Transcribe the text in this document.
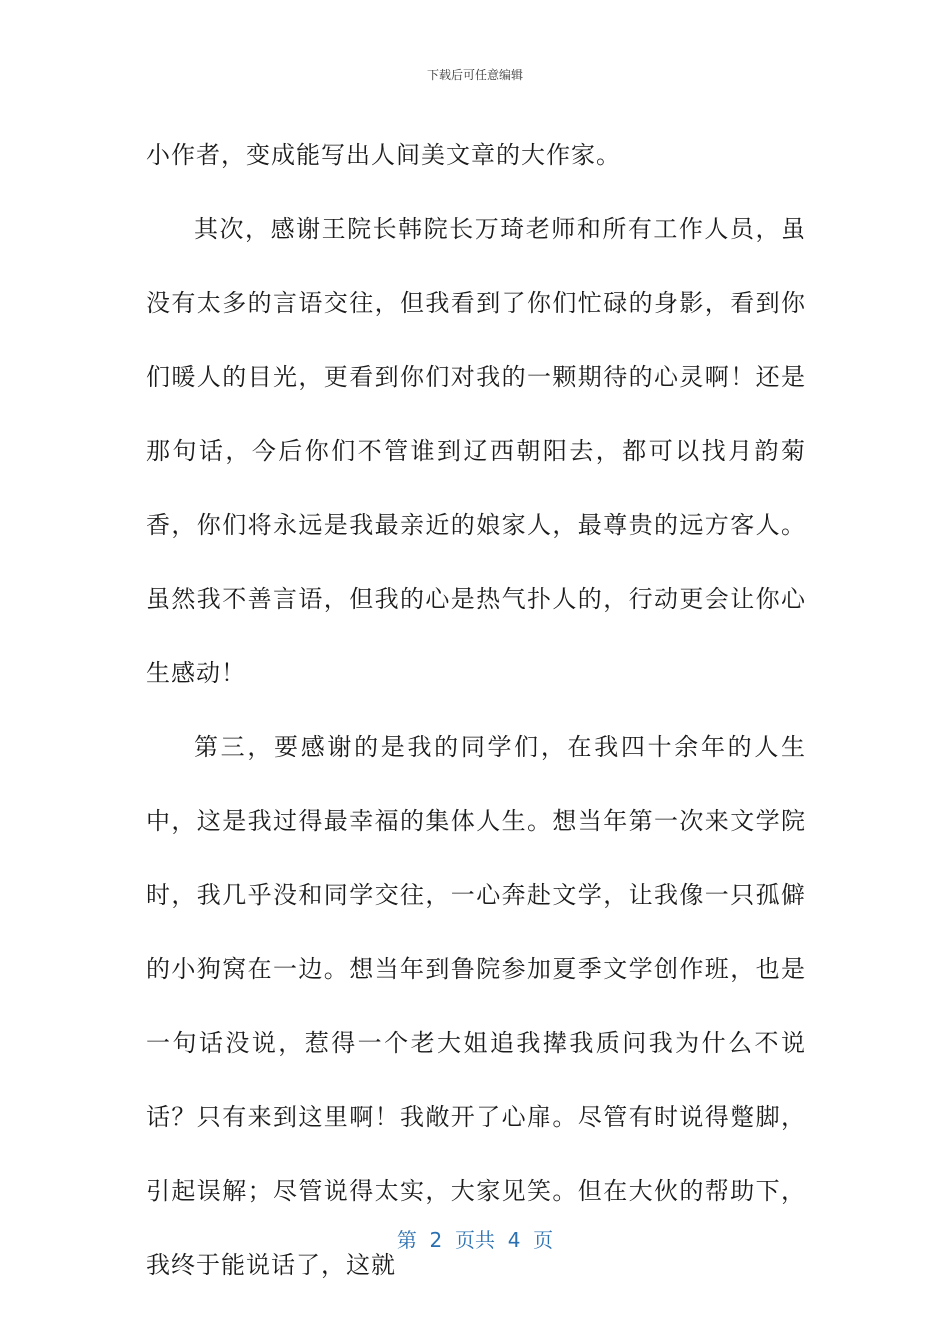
下载后可任意编辑

小作者，变成能写出人间美文章的大作家。

其次，感谢王院长韩院长万琦老师和所有工作人员，虽没有太多的言语交往，但我看到了你们忙碌的身影，看到你们暖人的目光，更看到你们对我的一颗期待的心灵啊！还是那句话，今后你们不管谁到辽西朝阳去，都可以找月韵菊香，你们将永远是我最亲近的娘家人，最尊贵的远方客人。虽然我不善言语，但我的心是热气扑人的，行动更会让你心生感动！

第三，要感谢的是我的同学们，在我四十余年的人生中，这是我过得最幸福的集体人生。想当年第一次来文学院时，我几乎没和同学交往，一心奔赴文学，让我像一只孤僻的小狗窝在一边。想当年到鲁院参加夏季文学创作班，也是一句话没说，惹得一个老大姐追我撵我质问我为什么不说话？只有来到这里啊！我敞开了心扉。尽管有时说得蹩脚，引起误解；尽管说得太实，大家见笑。但在大伙的帮助下，我终于能说话了，这就

第  2  页共  4  页
